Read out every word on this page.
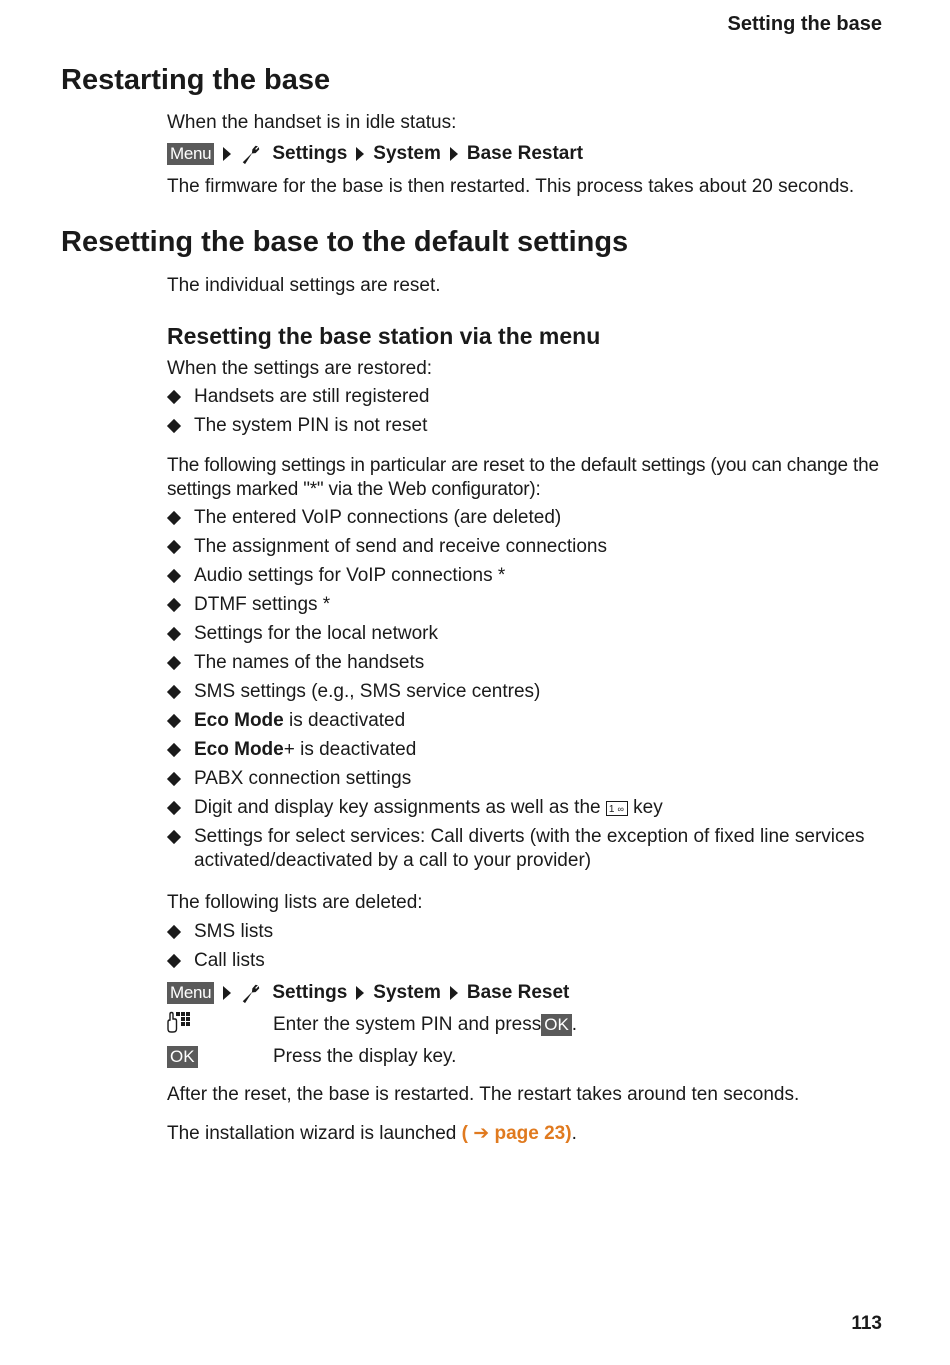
Setting the base
Restarting the base

When the handset is in idle status:

Menu	Settings System Base Restart

The firmware for the base is then restarted. This process takes about 20 seconds.

Resetting the base to the default settings

The individual settings are reset.

Resetting the base station via the menu

When the settings are restored:

Handsets are still registered
The system PIN is not reset

The following settings in particular are reset to the default settings (you can change the settings marked "*" via the Web configurator):

The entered VoIP connections (are deleted)
The assignment of send and receive connections
Audio settings for VoIP connections *
DTMF settings *
Settings for the local network
The names of the handsets
SMS settings (e.g., SMS service centres)
Eco Mode is deactivated
Eco Mode+ is deactivated
PABX connection settings
Digit and display key assignments as well as the 1 ∞ key
Settings for select services: Call diverts (with the exception of fixed line services activated/deactivated by a call to your provider)

The following lists are deleted:

SMS lists
Call lists
Menu	Settings System Base Reset
Enter the system PIN and press OK .
OK	Press the display key.

After the reset, the base is restarted. The restart takes around ten seconds.

The installation wizard is launched ( ➔ page 23).

113
